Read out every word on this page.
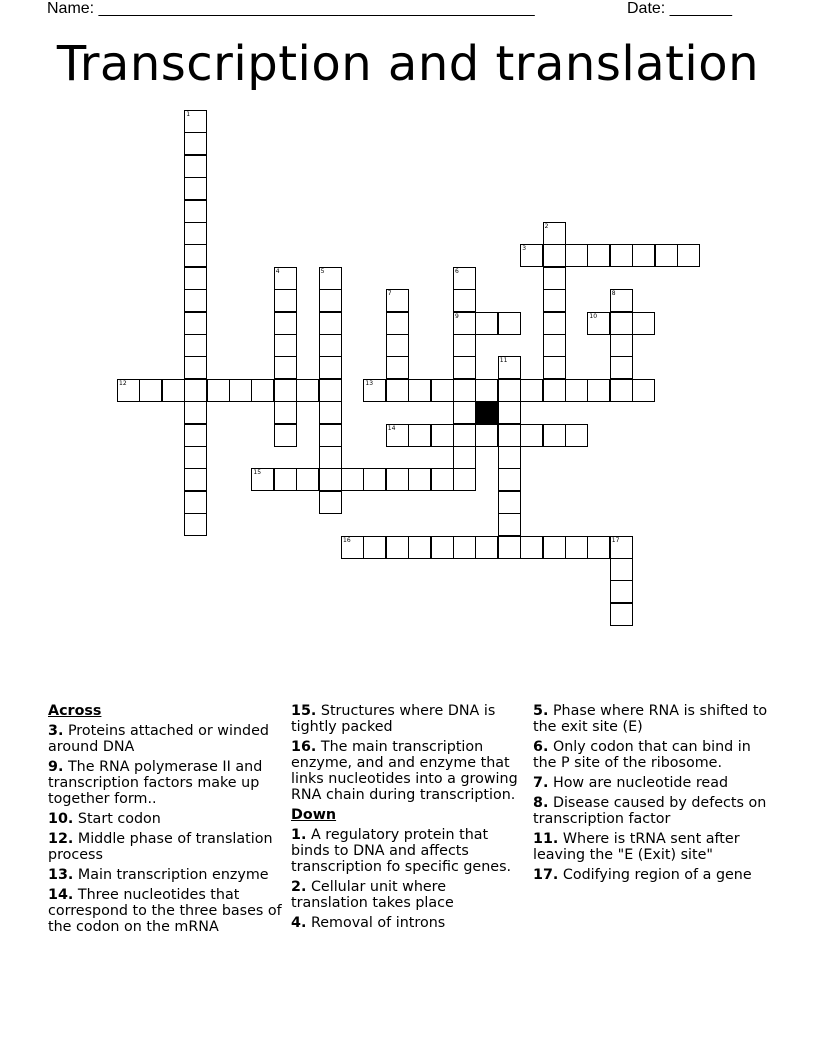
Name: _________________________________________________	Date: _______
Transcription and translation
1
2
3
4	5	6
9
7	8
10
11
12	13
14
15
16	17
Across
3. Proteins attached or winded around DNA
9. The RNA polymerase II and transcription factors make up together form..
10. Start codon
12. Middle phase of translation process
13. Main transcription enzyme
14. Three nucleotides that correspond to the three bases of the codon on the mRNA
15. Structures where DNA is tightly packed
16. The main transcription enzyme, and and enzyme that links nucleotides into a growing RNA chain during transcription.
Down
1. A regulatory protein that binds to DNA and affects transcription fo specific genes.
2. Cellular unit where translation takes place
4. Removal of introns
5. Phase where RNA is shifted to the exit site (E)
6. Only codon that can bind in the P site of the ribosome.
7. How are nucleotide read
8. Disease caused by defects on transcription factor
11. Where is tRNA sent after leaving the "E (Exit) site"
17. Codifying region of a gene
